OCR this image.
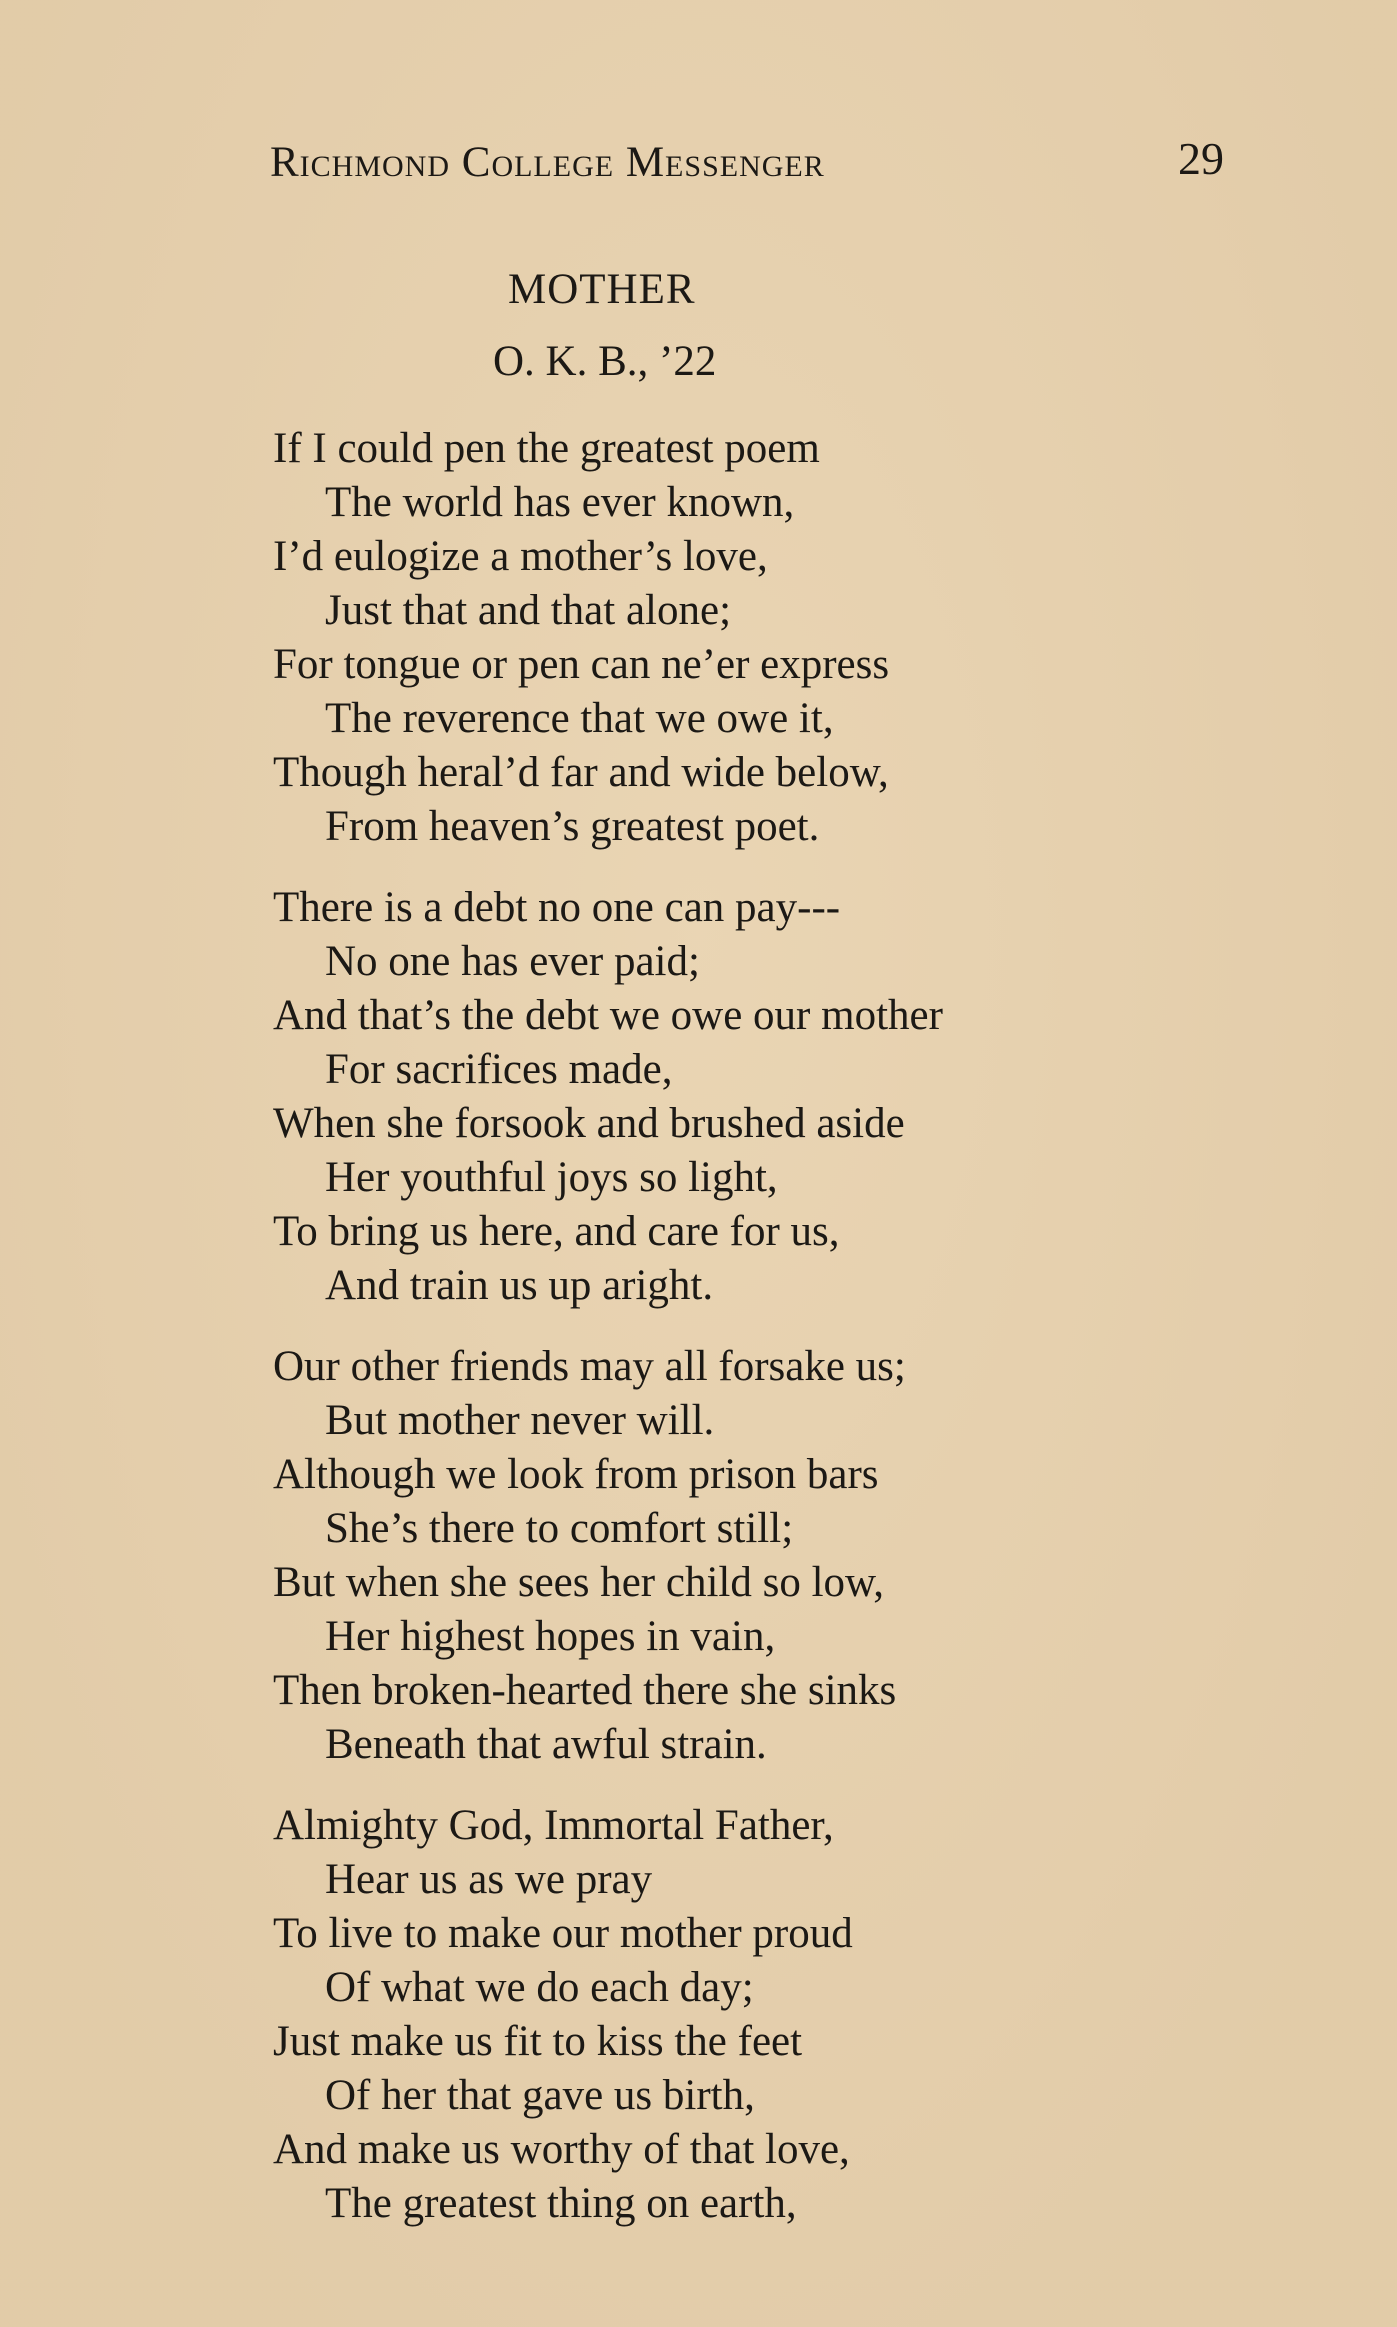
Richmond College Messenger	29
MOTHER
O. K. B., ’22
If I could pen the greatest poem
The world has ever known,
I’d eulogize a mother’s love,
Just that and that alone;
For tongue or pen can ne’er express
The reverence that we owe it,
Though heral’d far and wide below,
From heaven’s greatest poet.
There is a debt no one can pay---
No one has ever paid;
And that’s the debt we owe our mother
For sacrifices made,
When she forsook and brushed aside
Her youthful joys so light,
To bring us here, and care for us,
And train us up aright.
Our other friends may all forsake us;
But mother never will.
Although we look from prison bars
She’s there to comfort still;
But when she sees her child so low,
Her highest hopes in vain,
Then broken-hearted there she sinks
Beneath that awful strain.
Almighty God, Immortal Father,
Hear us as we pray
To live to make our mother proud
Of what we do each day;
Just make us fit to kiss the feet
Of her that gave us birth,
And make us worthy of that love,
The greatest thing on earth,
